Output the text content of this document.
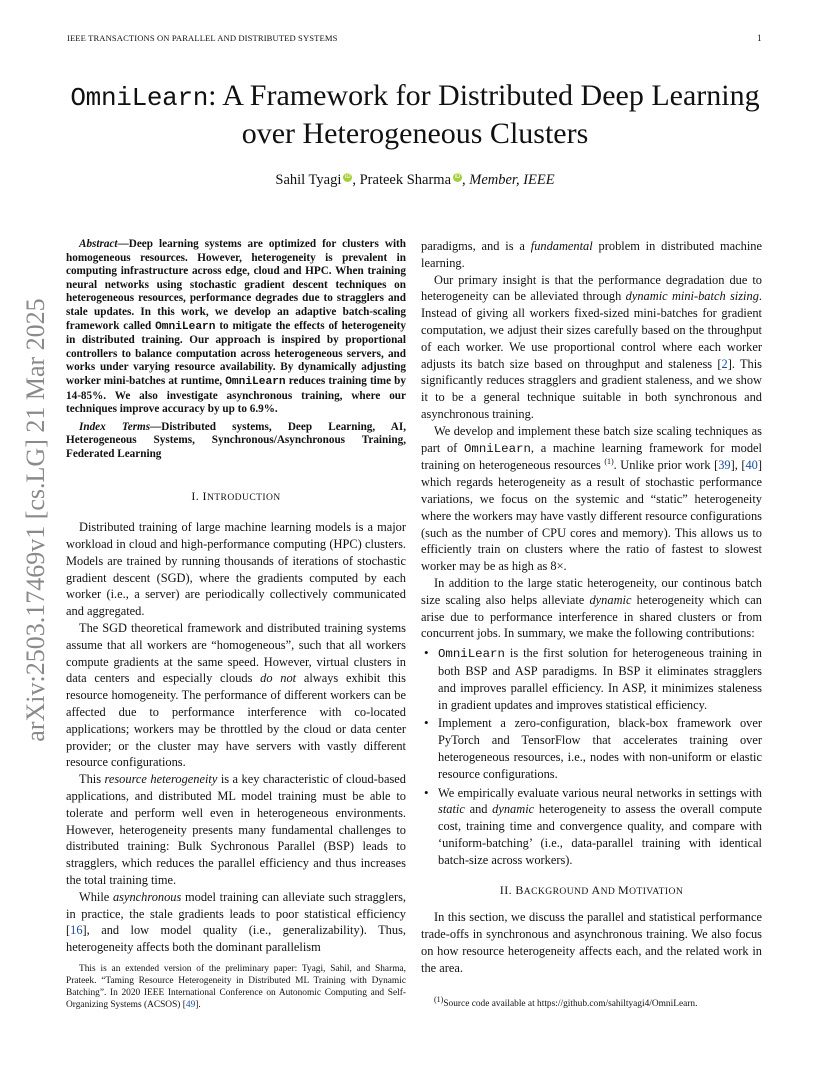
IEEE TRANSACTIONS ON PARALLEL AND DISTRIBUTED SYSTEMS	1
arXiv:2503.17469v1 [cs.LG] 21 Mar 2025
OmniLearn: A Framework for Distributed Deep Learning over Heterogeneous Clusters
Sahil Tyagi iD , Prateek Sharma iD , Member, IEEE

Abstract—Deep learning systems are optimized for clusters with homogeneous resources. However, heterogeneity is prevalent in computing infrastructure across edge, cloud and HPC. When training neural networks using stochastic gradient descent techniques on heterogeneous resources, performance degrades due to stragglers and stale updates. In this work, we develop an adaptive batch-scaling framework called OmniLearn to mitigate the effects of heterogeneity in distributed training. Our approach is inspired by proportional controllers to balance computation across heterogeneous servers, and works under varying resource availability. By dynamically adjusting worker mini-batches at runtime, OmniLearn reduces training time by 14-85%. We also investigate asynchronous training, where our techniques improve accuracy by up to 6.9%.

Index Terms—Distributed systems, Deep Learning, AI, Heterogeneous Systems, Synchronous/Asynchronous Training, Federated Learning

I. INTRODUCTION

Distributed training of large machine learning models is a major workload in cloud and high-performance computing (HPC) clusters. Models are trained by running thousands of iterations of stochastic gradient descent (SGD), where the gradients computed by each worker (i.e., a server) are periodically collectively communicated and aggregated.

The SGD theoretical framework and distributed training systems assume that all workers are “homogeneous”, such that all workers compute gradients at the same speed. However, virtual clusters in data centers and especially clouds do not always exhibit this resource homogeneity. The performance of different workers can be affected due to performance interference with co-located applications; workers may be throttled by the cloud or data center provider; or the cluster may have servers with vastly different resource configurations.

This resource heterogeneity is a key characteristic of cloud-based applications, and distributed ML model training must be able to tolerate and perform well even in heterogeneous environments. However, heterogeneity presents many fundamental challenges to distributed training: Bulk Sychronous Parallel (BSP) leads to stragglers, which reduces the parallel efficiency and thus increases the total training time.

While asynchronous model training can alleviate such stragglers, in practice, the stale gradients leads to poor statistical efficiency [16], and low model quality (i.e., generalizability). Thus, heterogeneity affects both the dominant parallelism

This is an extended version of the preliminary paper: Tyagi, Sahil, and Sharma, Prateek. “Taming Resource Heterogeneity in Distributed ML Training with Dynamic Batching”. In 2020 IEEE International Conference on Autonomic Computing and Self-Organizing Systems (ACSOS) [49].

paradigms, and is a fundamental problem in distributed machine learning.

Our primary insight is that the performance degradation due to heterogeneity can be alleviated through dynamic mini-batch sizing. Instead of giving all workers fixed-sized mini-batches for gradient computation, we adjust their sizes carefully based on the throughput of each worker. We use proportional control where each worker adjusts its batch size based on throughput and staleness [2]. This significantly reduces stragglers and gradient staleness, and we show it to be a general technique suitable in both synchronous and asynchronous training.

We develop and implement these batch size scaling techniques as part of OmniLearn, a machine learning framework for model training on heterogeneous resources $^{(1)}$. Unlike prior work [39], [40] which regards heterogeneity as a result of stochastic performance variations, we focus on the systemic and “static” heterogeneity where the workers may have vastly different resource configurations (such as the number of CPU cores and memory). This allows us to efficiently train on clusters where the ratio of fastest to slowest worker may be as high as 8×.

In addition to the large static heterogeneity, our continous batch size scaling also helps alleviate dynamic heterogeneity which can arise due to performance interference in shared clusters or from concurrent jobs. In summary, we make the following contributions:

• OmniLearn is the first solution for heterogeneous training in both BSP and ASP paradigms. In BSP it eliminates stragglers and improves parallel efficiency. In ASP, it minimizes staleness in gradient updates and improves statistical efficiency.
• Implement a zero-configuration, black-box framework over PyTorch and TensorFlow that accelerates training over heterogeneous resources, i.e., nodes with non-uniform or elastic resource configurations.
• We empirically evaluate various neural networks in settings with static and dynamic heterogeneity to assess the overall compute cost, training time and convergence quality, and compare with ‘uniform-batching’ (i.e., data-parallel training with identical batch-size across workers).
II. BACKGROUND AND MOTIVATION

In this section, we discuss the parallel and statistical performance trade-offs in synchronous and asynchronous training. We also focus on how resource heterogeneity affects each, and the related work in the area.

$^{(1)}$Source code available at https://github.com/sahiltyagi4/OmniLearn.
